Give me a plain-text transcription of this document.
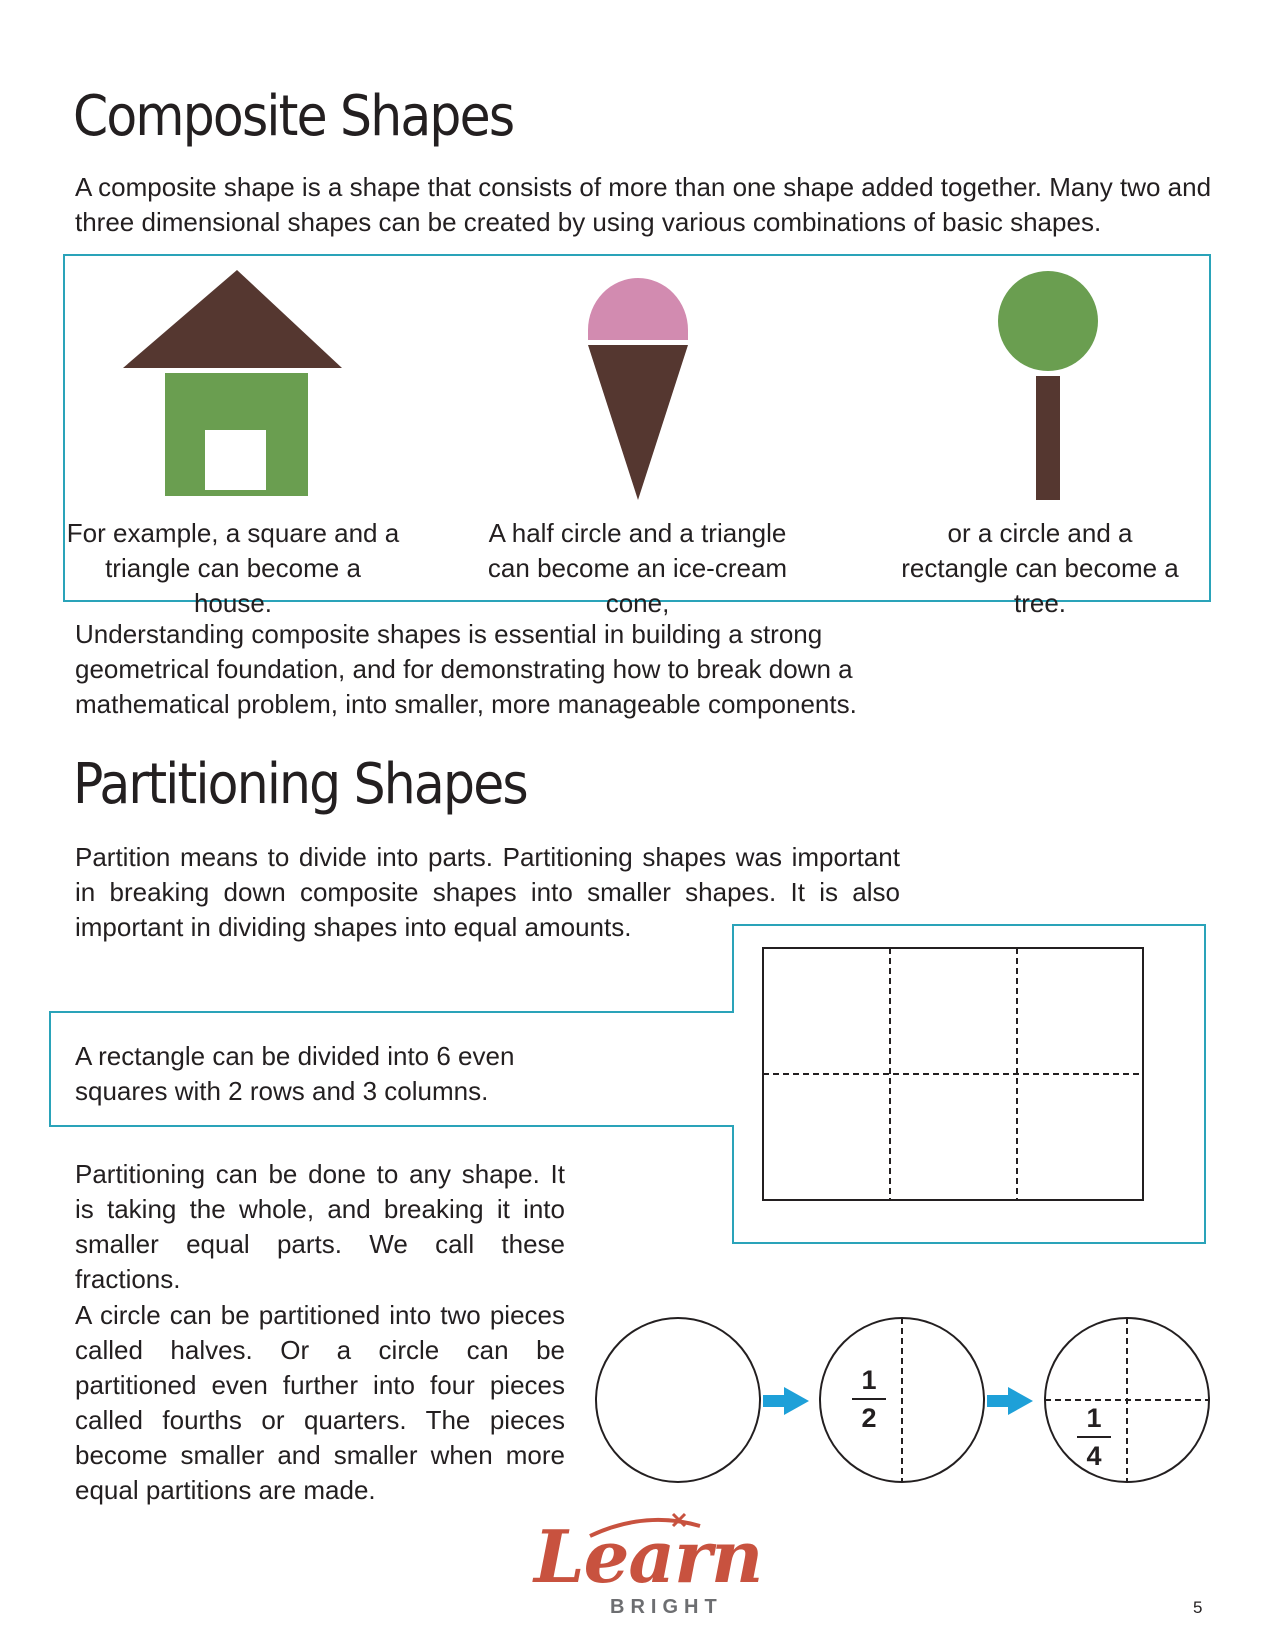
Composite Shapes
A composite shape is a shape that consists of more than one shape added together. Many two and three dimensional shapes can be created by using various combinations of basic shapes.
For example, a square and a triangle can become a house.
A half circle and a triangle can become an ice-cream cone,
or a circle and a rectangle can become a tree.
Understanding composite shapes is essential in building a strong geometrical foundation, and for demonstrating how to break down a mathematical problem, into smaller, more manageable components.
Partitioning Shapes
Partition means to divide into parts. Partitioning shapes was important in breaking down composite shapes into smaller shapes. It is also important in dividing shapes into equal amounts.
A rectangle can be divided into 6 even squares with 2 rows and 3 columns.
Partitioning can be done to any shape. It is taking the whole, and breaking it into smaller equal parts. We call these fractions.
A circle can be partitioned into two pieces called halves. Or a circle can be partitioned even further into four pieces called fourths or quarters. The pieces become smaller and smaller when more equal partitions are made.
1
2	1
4
Learn
BRIGHT	5
